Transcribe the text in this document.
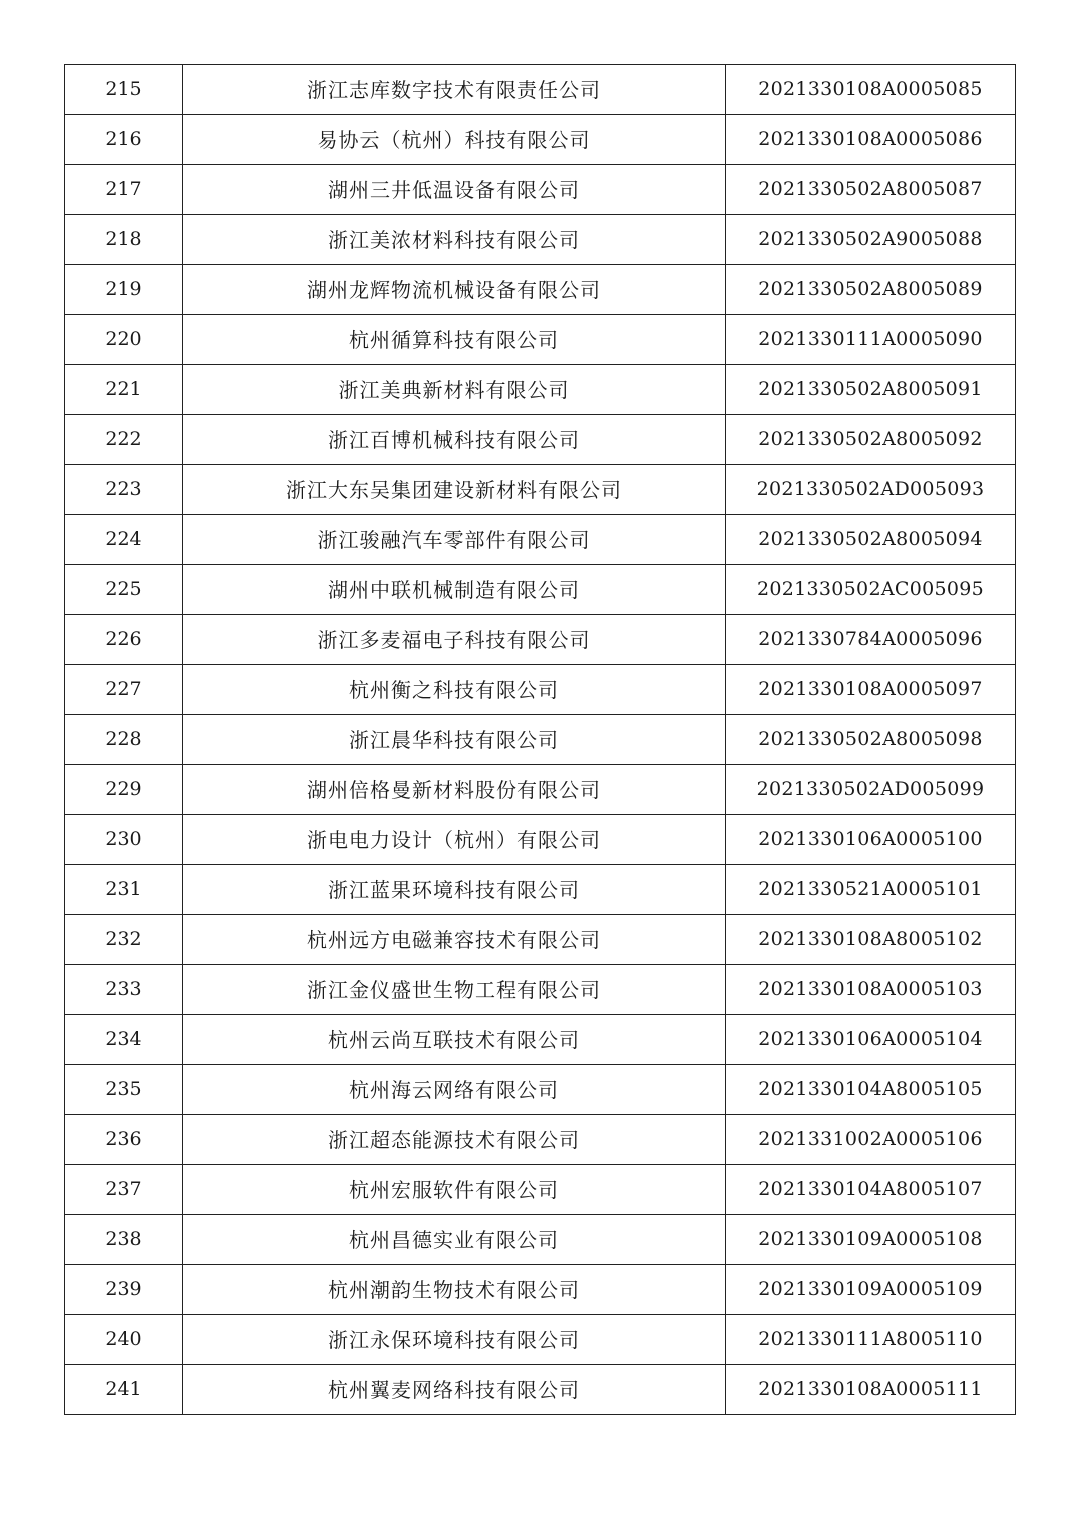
215	浙江志库数字技术有限责任公司	2021330108A0005085
216	易协云（杭州）科技有限公司	2021330108A0005086
217	湖州三井低温设备有限公司	2021330502A8005087
218	浙江美浓材料科技有限公司	2021330502A9005088
219	湖州龙辉物流机械设备有限公司	2021330502A8005089
220	杭州循算科技有限公司	2021330111A0005090
221	浙江美典新材料有限公司	2021330502A8005091
222	浙江百博机械科技有限公司	2021330502A8005092
223	浙江大东吴集团建设新材料有限公司	2021330502AD005093
224	浙江骏融汽车零部件有限公司	2021330502A8005094
225	湖州中联机械制造有限公司	2021330502AC005095
226	浙江多麦福电子科技有限公司	2021330784A0005096
227	杭州衡之科技有限公司	2021330108A0005097
228	浙江晨华科技有限公司	2021330502A8005098
229	湖州倍格曼新材料股份有限公司	2021330502AD005099
230	浙电电力设计（杭州）有限公司	2021330106A0005100
231	浙江蓝果环境科技有限公司	2021330521A0005101
232	杭州远方电磁兼容技术有限公司	2021330108A8005102
233	浙江金仪盛世生物工程有限公司	2021330108A0005103
234	杭州云尚互联技术有限公司	2021330106A0005104
235	杭州海云网络有限公司	2021330104A8005105
236	浙江超态能源技术有限公司	2021331002A0005106
237	杭州宏服软件有限公司	2021330104A8005107
238	杭州昌德实业有限公司	2021330109A0005108
239	杭州潮韵生物技术有限公司	2021330109A0005109
240	浙江永保环境科技有限公司	2021330111A8005110
241	杭州翼麦网络科技有限公司	2021330108A0005111
